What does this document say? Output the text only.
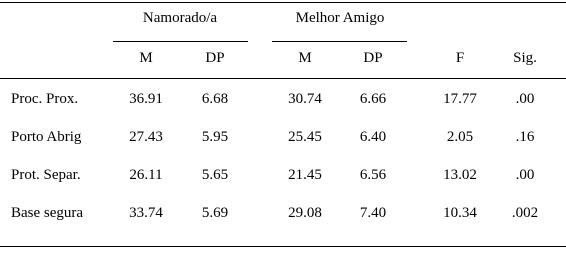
Namorado/a	Melhor Amigo
M	DP	M	DP	F	Sig.
Proc. Prox.	36.91	6.68	30.74	6.66	17.77	.00
Porto Abrig	27.43	5.95	25.45	6.40	2.05	.16
Prot. Separ.	26.11	5.65	21.45	6.56	13.02	.00
Base segura	33.74	5.69	29.08	7.40	10.34 .002
